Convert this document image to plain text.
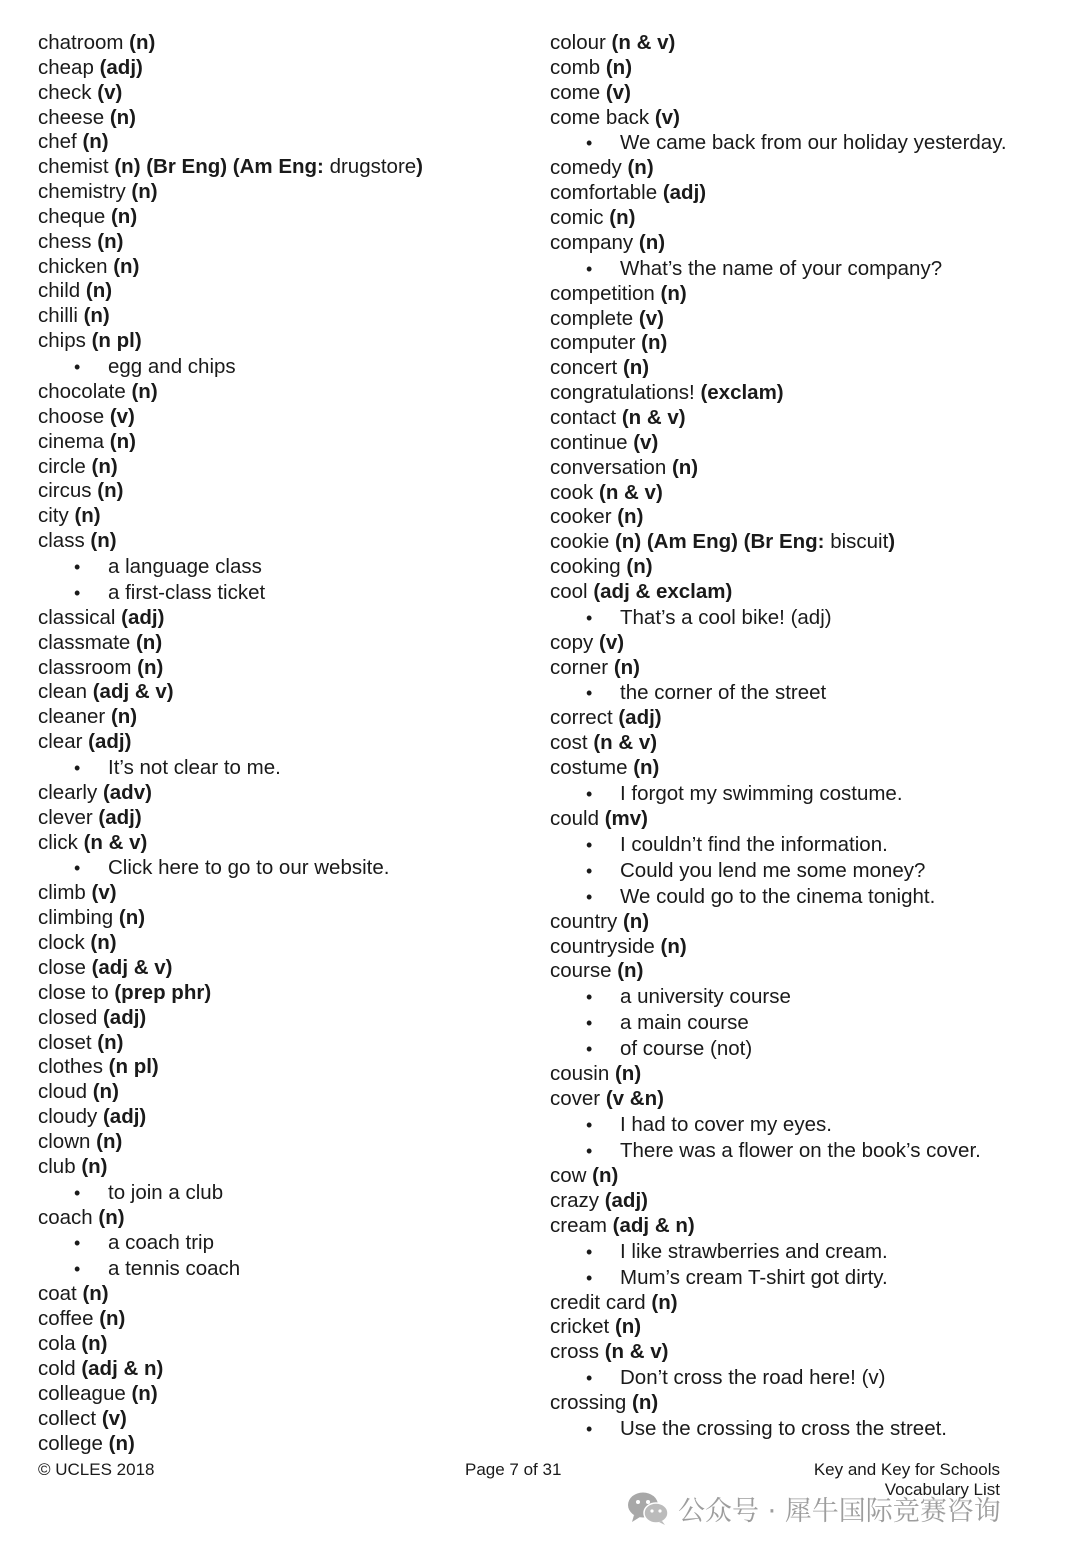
chatroom (n)
cheap (adj)
check (v)
cheese (n)
chef (n)
chemist (n) (Br Eng) (Am Eng: drugstore)
chemistry (n)
cheque (n)
chess (n)
chicken (n)
child (n)
chilli (n)
chips (n pl)
• egg and chips
chocolate (n)
choose (v)
cinema (n)
circle (n)
circus (n)
city (n)
class (n)
• a language class
• a first-class ticket
classical (adj)
classmate (n)
classroom (n)
clean (adj & v)
cleaner (n)
clear (adj)
• It’s not clear to me.
clearly (adv)
clever (adj)
click (n & v)
• Click here to go to our website.
climb (v)
climbing (n)
clock (n)
close (adj & v)
close to (prep phr)
closed (adj)
closet (n)
clothes (n pl)
cloud (n)
cloudy (adj)
clown (n)
club (n)
• to join a club
coach (n)
• a coach trip
• a tennis coach
coat (n)
coffee (n)
cola (n)
cold (adj & n)
colleague (n)
collect (v)
college (n)
colour (n & v)
comb (n)
come (v)
come back (v)
• We came back from our holiday yesterday.
comedy (n)
comfortable (adj)
comic (n)
company (n)
• What’s the name of your company?
competition (n)
complete (v)
computer (n)
concert (n)
congratulations! (exclam)
contact (n & v)
continue (v)
conversation (n)
cook (n & v)
cooker (n)
cookie (n) (Am Eng) (Br Eng: biscuit)
cooking (n)
cool (adj & exclam)
• That’s a cool bike! (adj)
copy (v)
corner (n)
• the corner of the street
correct (adj)
cost (n & v)
costume (n)
• I forgot my swimming costume.
could (mv)
• I couldn’t find the information.
• Could you lend me some money?
• We could go to the cinema tonight.
country (n)
countryside (n)
course (n)
• a university course
• a main course
• of course (not)
cousin (n)
cover (v &n)
• I had to cover my eyes.
• There was a flower on the book’s cover.
cow (n)
crazy (adj)
cream (adj & n)
• I like strawberries and cream.
• Mum’s cream T-shirt got dirty.
credit card (n)
cricket (n)
cross (n & v)
• Don’t cross the road here! (v)
crossing (n)
• Use the crossing to cross the street.
© UCLES 2018	Page 7 of 31	Key and Key for Schools
Vocabulary List
公众号 · 犀牛国际竞赛咨询
